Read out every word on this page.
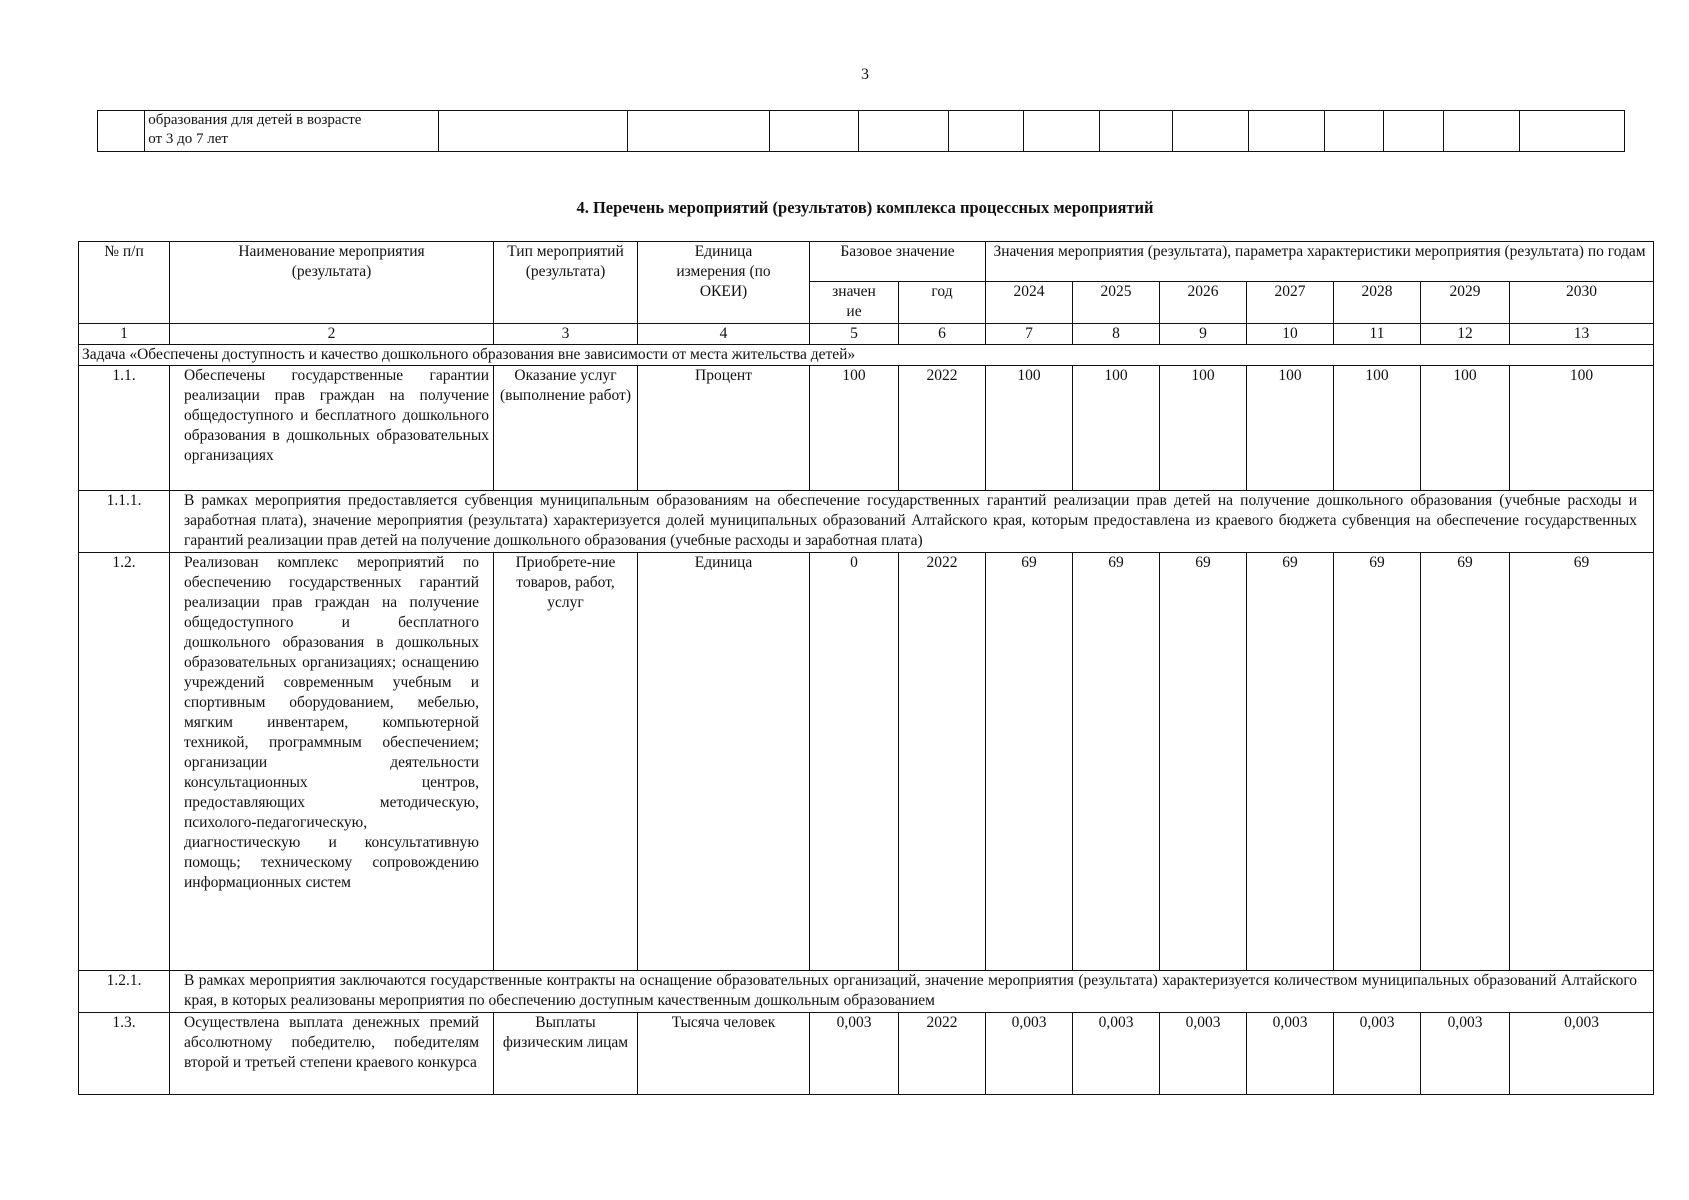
3

образования для детей в возрасте
от 3 до 7 лет

4. Перечень мероприятий (результатов) комплекса процессных мероприятий
№ п/п	Наименование мероприятия (результата)	Тип мероприятий (результата)	Единица измерения (по ОКЕИ)	Базовое значение		Значения мероприятия (результата), параметра характеристики мероприятия (результата) по годам						
				значен ие	год	2024	2025	2026	2027	2028	2029	2030
1	2	3	4	5	6	7	8	9	10	11	12	13
Задача «Обеспечены доступность и качество дошкольного образования вне зависимости от места жительства детей»												
1.1.	Обеспечены государственные гарантии реализации прав граждан на получение общедоступного и бесплатного дошкольного образования в дошкольных образовательных организациях	Оказание услуг (выполнение работ)	Процент	100	2022	100	100	100	100	100	100	100
1.1.1.	В рамках мероприятия предоставляется субвенция муниципальным образованиям на обеспечение государственных гарантий реализации прав детей на получение дошкольного образования (учебные расходы и заработная плата), значение мероприятия (результата) характеризуется долей муниципальных образований Алтайского края, которым предоставлена из краевого бюджета субвенция на обеспечение государственных гарантий реализации прав детей на получение дошкольного образования (учебные расходы и заработная плата)											
1.2.	Реализован комплекс мероприятий по обеспечению государственных гарантий реализации прав граждан на получение общедоступного и бесплатного дошкольного образования в дошкольных образовательных организациях; оснащению учреждений современным учебным и спортивным оборудованием, мебелью, мягким инвентарем, компьютерной техникой, программным обеспечением; организации деятельности консультационных центров, предоставляющих методическую, психолого-педагогическую, диагностическую и консультативную помощь; техническому сопровождению информационных систем	Приобрете-ние товаров, работ, услуг	Единица	0	2022	69	69	69	69	69	69	69
1.2.1.	В рамках мероприятия заключаются государственные контракты на оснащение образовательных организаций, значение мероприятия (результата) характеризуется количеством муниципальных образований Алтайского края, в которых реализованы мероприятия по обеспечению доступным качественным дошкольным образованием											
1.3.	Осуществлена выплата денежных премий абсолютному победителю, победителям второй и третьей степени краевого конкурса	Выплаты физическим лицам	Тысяча человек	0,003	2022	0,003	0,003	0,003	0,003	0,003	0,003	0,003
